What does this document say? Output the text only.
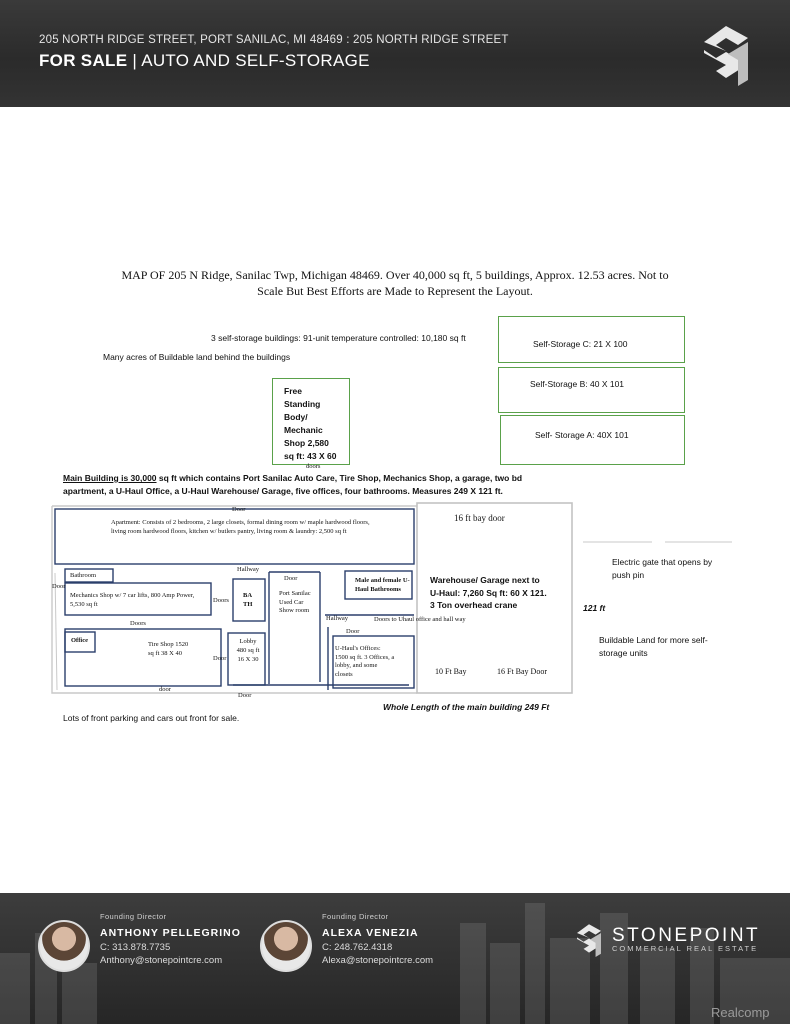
205 NORTH RIDGE STREET, PORT SANILAC, MI 48469 : 205 NORTH RIDGE STREET
FOR SALE | AUTO AND SELF-STORAGE
MAP OF 205 N Ridge, Sanilac Twp, Michigan 48469. Over 40,000 sq ft, 5 buildings, Approx. 12.53 acres. Not to
Scale But Best Efforts are Made to Represent the Layout.
3 self-storage buildings: 91-unit temperature controlled: 10,180 sq ft
Many acres of Buildable land behind the buildings
Self-Storage C: 21 X 100
Self-Storage B: 40 X 101
Self- Storage A: 40X 101
Free
Standing
Body/
Mechanic
Shop 2,580
sq ft: 43 X 60
doors
Main Building is 30,000 sq ft which contains Port Sanilac Auto Care, Tire Shop, Mechanics Shop, a garage, two bd
apartment, a U-Haul Office, a U-Haul Warehouse/ Garage, five offices, four bathrooms. Measures 249 X 121 ft.
Door
Apartment: Consists of 2 bedrooms, 2 large closets, formal dining room w/ maple hardwood floors, living room hardwood floors, kitchen w/ butlers pantry, living room & laundry: 2,500 sq ft
16 ft bay door
Bathroom
Door
Hallway
Door
Mechanics Shop w/ 7 car lifts, 800 Amp Power, 5,530 sq ft
Doors
BA TH
Port Sanilac Used Car Show room
Male and female U-Haul Bathrooms
Warehouse/ Garage next to U-Haul: 7,260 Sq ft: 60 X 121. 3 Ton overhead crane
Doors
Hallway	Doors to Uhaul office and hall way
Door
Office
Tire Shop 1520 sq ft 38 X 40
Door
Lobby 480 sq ft 16 X 30
U-Haul's Offices: 1500 sq ft. 3 Offices, a lobby, and some closets	10 Ft Bay	16 Ft Bay Door
door
Door
Electric gate that opens by push pin
121 ft
Buildable Land for more self-storage units
Whole Length of the main building 249 Ft
Lots of front parking and cars out front for sale.
Founding Director
ANTHONY PELLEGRINO
C: 313.878.7735
Anthony@stonepointcre.com
Founding Director
ALEXA VENEZIA
C: 248.762.4318
Alexa@stonepointcre.com
STONEPOINT
COMMERCIAL REAL ESTATE
Realcomp
